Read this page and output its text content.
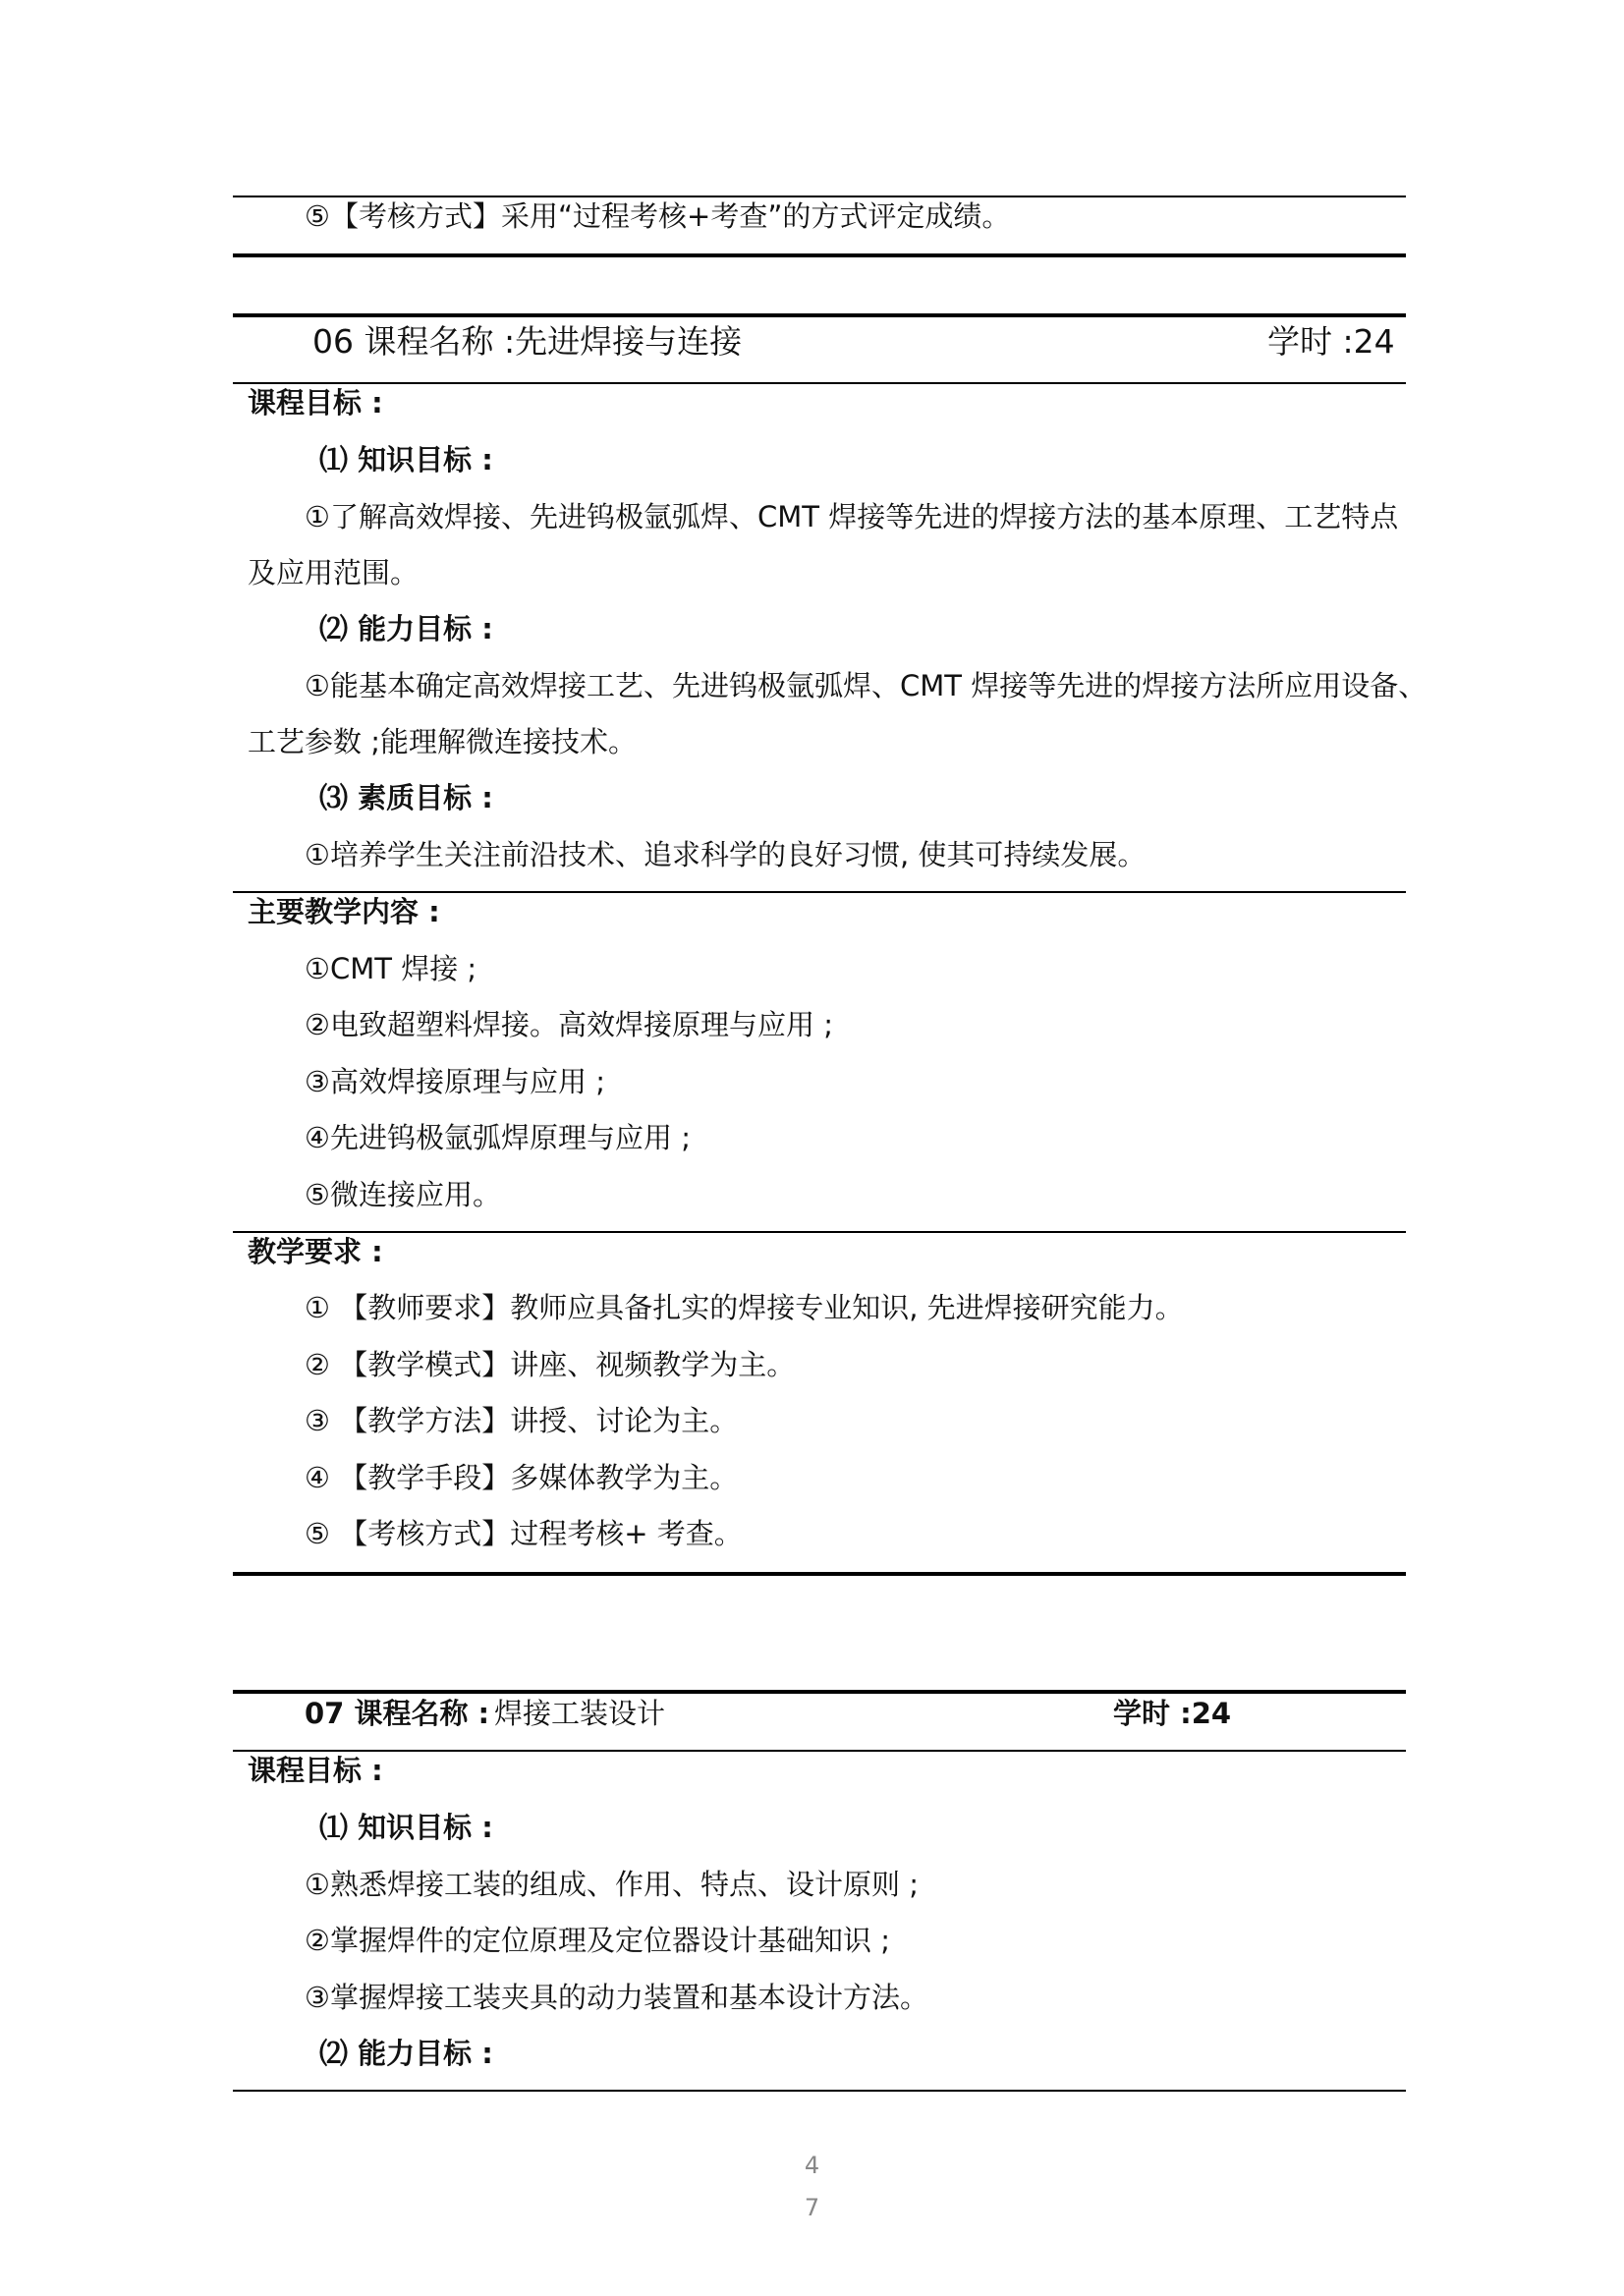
⑤【考核方式】采用“过程考核+考查”的方式评定成绩。
06 课程名称 :先进焊接与连接	学时 :24
课程目标 :
⑴ 知识目标 :
①了解高效焊接、先进钨极氩弧焊、CMT 焊接等先进的焊接方法的基本原理、工艺特点
及应用范围。
⑵ 能力目标 :
①能基本确定高效焊接工艺、先进钨极氩弧焊、CMT 焊接等先进的焊接方法所应用设备、
工艺参数 ;能理解微连接技术。
⑶ 素质目标 :
①培养学生关注前沿技术、追求科学的良好习惯, 使其可持续发展。
主要教学内容 :
①CMT 焊接 ;
②电致超塑料焊接。高效焊接原理与应用 ;
③高效焊接原理与应用 ;
④先进钨极氩弧焊原理与应用 ;
⑤微连接应用。
教学要求 :
① 【教师要求】教师应具备扎实的焊接专业知识, 先进焊接研究能力。
② 【教学模式】讲座、视频教学为主。
③ 【教学方法】讲授、讨论为主。
④ 【教学手段】多媒体教学为主。
⑤ 【考核方式】过程考核+ 考查。
07 课程名称 : 焊接工装设计	学时 :24
课程目标 :
⑴ 知识目标 :
①熟悉焊接工装的组成、作用、特点、设计原则 ;
②掌握焊件的定位原理及定位器设计基础知识 ;
③掌握焊接工装夹具的动力装置和基本设计方法。
⑵ 能力目标 :
4
7
